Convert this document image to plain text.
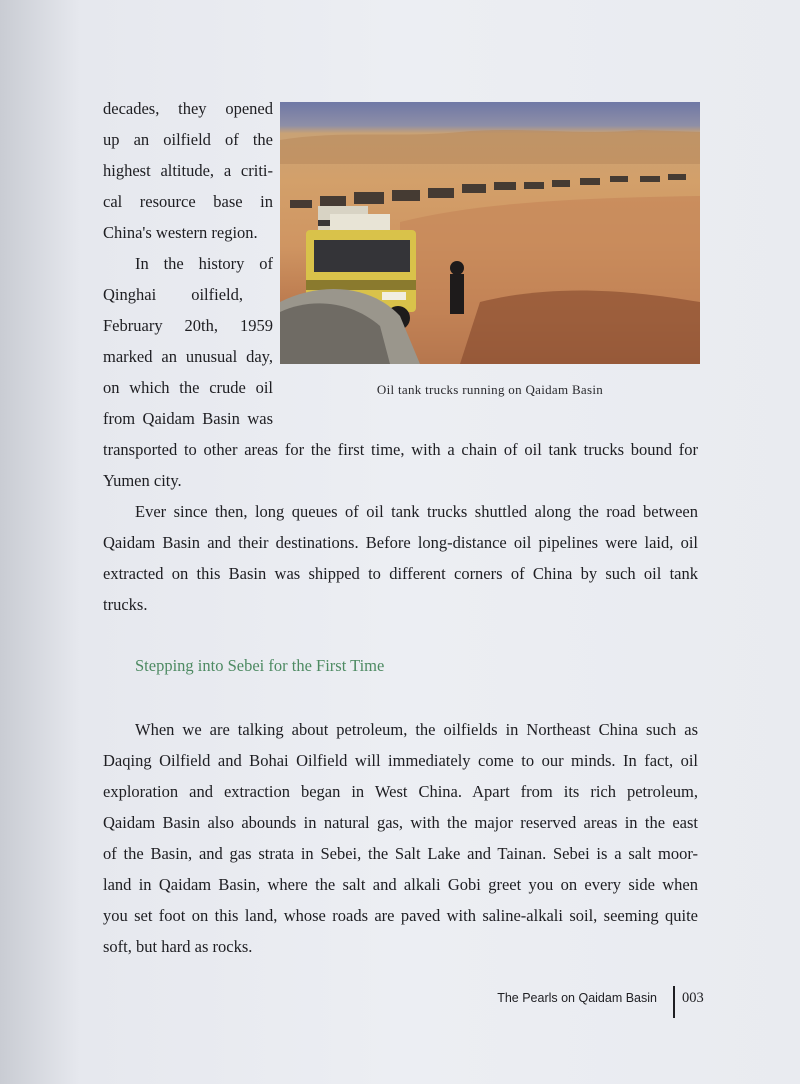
decades, they opened
up an oilfield of the
highest altitude, a criti-
cal resource base in
China's western region.
In the history of
Qinghai oilfield,
February 20th, 1959
marked an unusual day,
on which the crude oil
from Qaidam Basin was
Oil tank trucks running on Qaidam Basin
transported to other areas for the first time, with a chain of oil tank trucks bound for
Yumen city.
Ever since then, long queues of oil tank trucks shuttled along the road between
Qaidam Basin and their destinations. Before long-distance oil pipelines were laid, oil
extracted on this Basin was shipped to different corners of China by such oil tank
trucks.
Stepping into Sebei for the First Time
When we are talking about petroleum, the oilfields in Northeast China such as
Daqing Oilfield and Bohai Oilfield will immediately come to our minds. In fact, oil
exploration and extraction began in West China. Apart from its rich petroleum,
Qaidam Basin also abounds in natural gas, with the major reserved areas in the east
of the Basin, and gas strata in Sebei, the Salt Lake and Tainan. Sebei is a salt moor-
land in Qaidam Basin, where the salt and alkali Gobi greet you on every side when
you set foot on this land, whose roads are paved with saline-alkali soil, seeming quite
soft, but hard as rocks.
The Pearls on Qaidam Basin 003
